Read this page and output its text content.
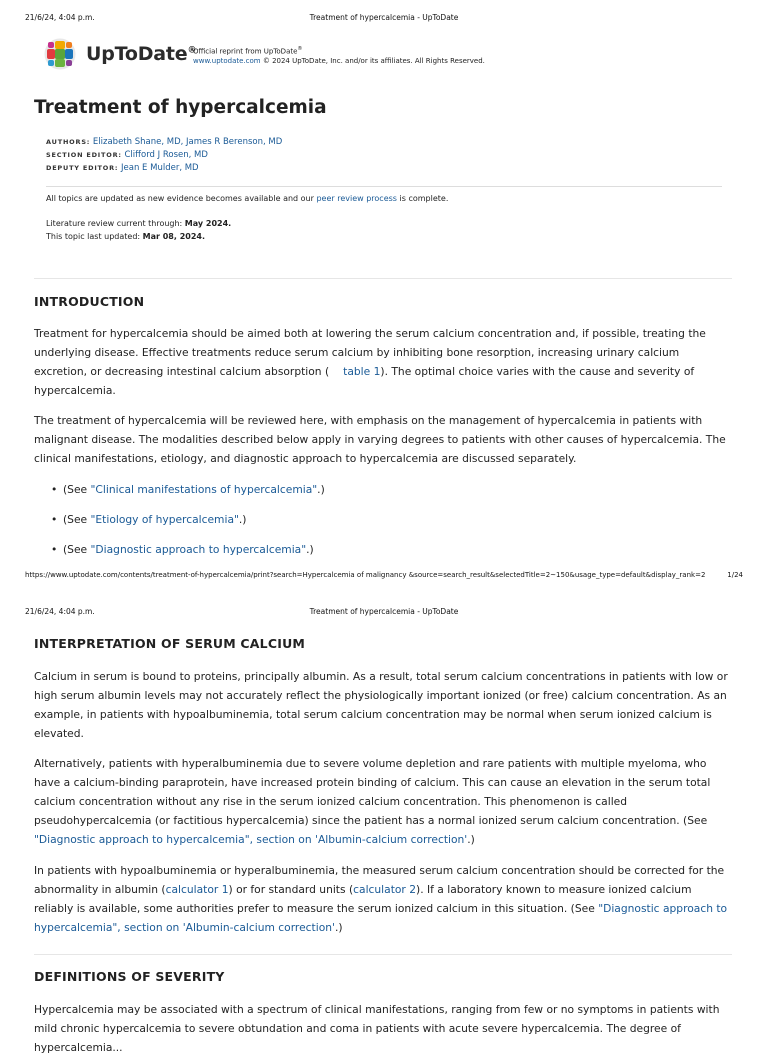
21/6/24, 4:04 p.m.	Treatment of hypercalcemia - UpToDate
UpToDate®
Official reprint from UpToDate®
www.uptodate.com © 2024 UpToDate, Inc. and/or its affiliates. All Rights Reserved.
Treatment of hypercalcemia
AUTHORS: Elizabeth Shane, MD, James R Berenson, MD
SECTION EDITOR: Clifford J Rosen, MD
DEPUTY EDITOR: Jean E Mulder, MD
All topics are updated as new evidence becomes available and our peer review process is complete.
Literature review current through: May 2024.
This topic last updated: Mar 08, 2024.
INTRODUCTION
Treatment for hypercalcemia should be aimed both at lowering the serum calcium concentration and, if possible, treating the underlying disease. Effective treatments reduce serum calcium by inhibiting bone resorption, increasing urinary calcium excretion, or decreasing intestinal calcium absorption ( table 1). The optimal choice varies with the cause and severity of hypercalcemia.
The treatment of hypercalcemia will be reviewed here, with emphasis on the management of hypercalcemia in patients with malignant disease. The modalities described below apply in varying degrees to patients with other causes of hypercalcemia. The clinical manifestations, etiology, and diagnostic approach to hypercalcemia are discussed separately.
• (See "Clinical manifestations of hypercalcemia".)
• (See "Etiology of hypercalcemia".)
• (See "Diagnostic approach to hypercalcemia".)
https://www.uptodate.com/contents/treatment-of-hypercalcemia/print?search=Hypercalcemia of malignancy &source=search_result&selectedTitle=2~150&usage_type=default&display_rank=2	1/24
21/6/24, 4:04 p.m.	Treatment of hypercalcemia - UpToDate
INTERPRETATION OF SERUM CALCIUM
Calcium in serum is bound to proteins, principally albumin. As a result, total serum calcium concentrations in patients with low or high serum albumin levels may not accurately reflect the physiologically important ionized (or free) calcium concentration. As an example, in patients with hypoalbuminemia, total serum calcium concentration may be normal when serum ionized calcium is elevated.
Alternatively, patients with hyperalbuminemia due to severe volume depletion and rare patients with multiple myeloma, who have a calcium-binding paraprotein, have increased protein binding of calcium. This can cause an elevation in the serum total calcium concentration without any rise in the serum ionized calcium concentration. This phenomenon is called pseudohypercalcemia (or factitious hypercalcemia) since the patient has a normal ionized serum calcium concentration. (See "Diagnostic approach to hypercalcemia", section on 'Albumin-calcium correction'.)
In patients with hypoalbuminemia or hyperalbuminemia, the measured serum calcium concentration should be corrected for the abnormality in albumin (calculator 1) or for standard units (calculator 2). If a laboratory known to measure ionized calcium reliably is available, some authorities prefer to measure the serum ionized calcium in this situation. (See "Diagnostic approach to hypercalcemia", section on 'Albumin-calcium correction'.)
DEFINITIONS OF SEVERITY
Hypercalcemia may be associated with a spectrum of clinical manifestations, ranging from few or no symptoms in patients with mild chronic hypercalcemia to severe obtundation and coma in patients with acute severe hypercalcemia. The degree of hypercalcemia...
